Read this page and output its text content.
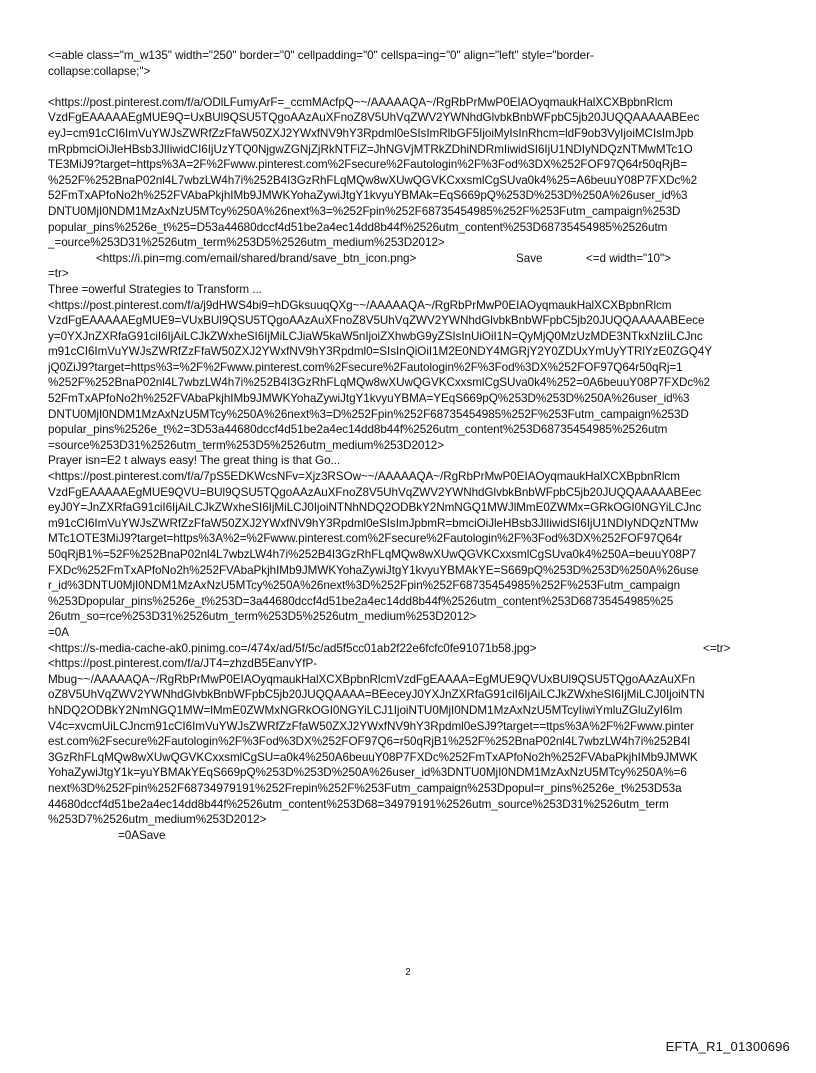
<=able class="m_w135" width="250" border="0" cellpadding="0" cellspa=ing="0" align="left" style="border-
collapse:collapse;">
<https://post.pinterest.com/f/a/ODlLFumyArF=_ccmMAcfpQ~~/AAAAAQA~/RgRbPrMwP0EIAOyqmaukHalXCXBpbnRlcm
VzdFgEAAAAAEgMUE9Q=UxBUl9QSU5TQgoAAzAuXFnoZ8V5UhVqZWV2YWNhdGlvbkBnbWFpbC5jb20JUQQAAAAABEec
eyJ=cm91cCI6ImVuYWJsZWRfZzFfaW50ZXJ2YWxfNV9hY3Rpdml0eSIsImRlbGF5IjoiMyIsInRhcm=ldF9ob3VyIjoiMCIsImJpb
mRpbmciOiJleHBsb3JlIiwidCI6IjUzYTQ0NjgwZGNjZjRkNTFiZ=JhNGVjMTRkZDhiNDRmIiwidSI6IjU1NDIyNDQzNTMwMTc1O
TE3MiJ9?target=https%3A=2F%2Fwww.pinterest.com%2Fsecure%2Fautologin%2F%3Fod%3DX%252FOF97Q64r50qRjB=
%252F%252BnaP02nl4L7wbzLW4h7i%252B4I3GzRhFLqMQw8wXUwQGVKCxxsmlCgSUva0k4%25=A6beuuY08P7FXDc%2
52FmTxAPfoNo2h%252FVAbaPkjhIMb9JMWKYohaZywiJtgY1kvyuYBMAk=EqS669pQ%253D%253D%250A%26user_id%3
DNTU0MjI0NDM1MzAxNzU5MTcy%250A%26next%3=%252Fpin%252F68735454985%252F%253Futm_campaign%253D
popular_pins%2526e_t%25=D53a44680dccf4d51be2a4ec14dd8b44f%2526utm_content%253D68735454985%2526utm
_=ource%253D31%2526utm_term%253D5%2526utm_medium%253D2012>
<https://i.pin=mg.com/email/shared/brand/save_btn_icon.png>	Save	<=d width="10">
=tr>
Three =owerful Strategies to Transform ...
<https://post.pinterest.com/f/a/j9dHWS4bi9=hDGksuuqQXg~~/AAAAAQA~/RgRbPrMwP0EIAOyqmaukHalXCXBpbnRlcm
VzdFgEAAAAAEgMUE9=VUxBUl9QSU5TQgoAAzAuXFnoZ8V5UhVqZWV2YWNhdGlvbkBnbWFpbC5jb20JUQQAAAAABEece
y=0YXJnZXRfaG91ciI6IjAiLCJkZWxheSI6IjMiLCJiaW5kaW5nIjoiZXhwbG9yZSIsInUiOiI1N=QyMjQ0MzUzMDE3NTkxNzIiLCJnc
m91cCI6ImVuYWJsZWRfZzFfaW50ZXJ2YWxfNV9hY3Rpdml0=SIsInQiOiI1M2E0NDY4MGRjY2Y0ZDUxYmUyYTRlYzE0ZGQ4Y
jQ0ZiJ9?target=https%3=%2F%2Fwww.pinterest.com%2Fsecure%2Fautologin%2F%3Fod%3DX%252FOF97Q64r50qRj=1
%252F%252BnaP02nl4L7wbzLW4h7i%252B4I3GzRhFLqMQw8wXUwQGVKCxxsmlCgSUva0k4%252=0A6beuuY08P7FXDc%2
52FmTxAPfoNo2h%252FVAbaPkjhIMb9JMWKYohaZywiJtgY1kvyuYBMA=YEqS669pQ%253D%253D%250A%26user_id%3
DNTU0MjI0NDM1MzAxNzU5MTcy%250A%26next%3=D%252Fpin%252F68735454985%252F%253Futm_campaign%253D
popular_pins%2526e_t%2=3D53a44680dccf4d51be2a4ec14dd8b44f%2526utm_content%253D68735454985%2526utm
=source%253D31%2526utm_term%253D5%2526utm_medium%253D2012>
Prayer isn=E2 t always easy! The great thing is that Go...
<https://post.pinterest.com/f/a/7pS5EDKWcsNFv=Xjz3RSOw~~/AAAAAQA~/RgRbPrMwP0EIAOyqmaukHalXCXBpbnRlcm
VzdFgEAAAAAEgMUE9QVU=BUl9QSU5TQgoAAzAuXFnoZ8V5UhVqZWV2YWNhdGlvbkBnbWFpbC5jb20JUQQAAAAABEec
eyJ0Y=JnZXRfaG91ciI6IjAiLCJkZWxheSI6IjMiLCJ0IjoiNTNhNDQ2ODBkY2NmNGQ1MWJlMmE0ZWMx=GRkOGI0NGYiLCJnc
m91cCI6ImVuYWJsZWRfZzFfaW50ZXJ2YWxfNV9hY3Rpdml0eSIsImJpbmR=bmciOiJleHBsb3JlIiwidSI6IjU1NDIyNDQzNTMw
MTc1OTE3MiJ9?target=https%3A%2=%2Fwww.pinterest.com%2Fsecure%2Fautologin%2F%3Fod%3DX%252FOF97Q64r
50qRjB1%=52F%252BnaP02nl4L7wbzLW4h7i%252B4I3GzRhFLqMQw8wXUwQGVKCxxsmlCgSUva0k4%250A=beuuY08P7
FXDc%252FmTxAPfoNo2h%252FVAbaPkjhIMb9JMWKYohaZywiJtgY1kvyuYBMAkYE=S669pQ%253D%253D%250A%26use
r_id%3DNTU0MjI0NDM1MzAxNzU5MTcy%250A%26next%3D%252Fpin%252F68735454985%252F%253Futm_campaign
%253Dpopular_pins%2526e_t%253D=3a44680dccf4d51be2a4ec14dd8b44f%2526utm_content%253D68735454985%25
26utm_so=rce%253D31%2526utm_term%253D5%2526utm_medium%253D2012>
=0A
<https://s-media-cache-ak0.pinimg.co=/474x/ad/5f/5c/ad5f5cc01ab2f22e6fcfc0fe91071b58.jpg>	<=tr>
<https://post.pinterest.com/f/a/JT4=zhzdB5EanvYfP-
Mbug~~/AAAAAQA~/RgRbPrMwP0EIAOyqmaukHalXCXBpbnRlcmVzdFgEAAAA=EgMUE9QVUxBUl9QSU5TQgoAAzAuXFn
oZ8V5UhVqZWV2YWNhdGlvbkBnbWFpbC5jb20JUQQAAAA=BEeceyJ0YXJnZXRfaG91ciI6IjAiLCJkZWxheSI6IjMiLCJ0IjoiNTN
hNDQ2ODBkY2NmNGQ1MW=lMmE0ZWMxNGRkOGI0NGYiLCJ1IjoiNTU0MjI0NDM1MzAxNzU5MTcyIiwiYmluZGluZyI6Im
V4c=xvcmUiLCJncm91cCI6ImVuYWJsZWRfZzFfaW50ZXJ2YWxfNV9hY3Rpdml0eSJ9?target==ttps%3A%2F%2Fwww.pinter
est.com%2Fsecure%2Fautologin%2F%3Fod%3DX%252FOF97Q6=r50qRjB1%252F%252BnaP02nl4L7wbzLW4h7i%252B4I
3GzRhFLqMQw8wXUwQGVKCxxsmlCgSU=a0k4%250A6beuuY08P7FXDc%252FmTxAPfoNo2h%252FVAbaPkjhIMb9JMWK
YohaZywiJtgY1k=yuYBMAkYEqS669pQ%253D%253D%250A%26user_id%3DNTU0MjI0NDM1MzAxNzU5MTcy%250A%=6
next%3D%252Fpin%252F68734979191%252Frepin%252F%253Futm_campaign%253Dpopul=r_pins%2526e_t%253D53a
44680dccf4d51be2a4ec14dd8b44f%2526utm_content%253D68=34979191%2526utm_source%253D31%2526utm_term
%253D7%2526utm_medium%253D2012>
=0ASave
2
EFTA_R1_01300696
